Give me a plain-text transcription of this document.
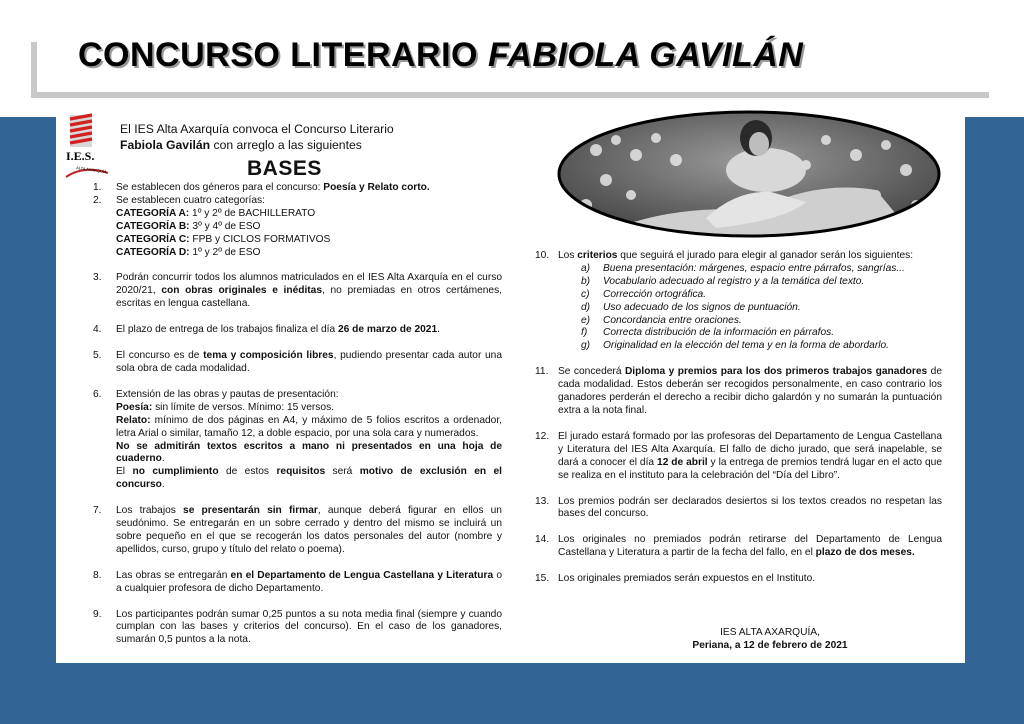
CONCURSO LITERARIO FABIOLA GAVILÁN
I.E.S.
ALTA AXARQUÍA
El IES Alta Axarquía convoca el Concurso Literario
Fabiola Gavilán con arreglo a las siguientes
BASES
1. Se establecen dos géneros para el concurso: Poesía y Relato corto.
2. Se establecen cuatro categorías:
CATEGORÍA A: 1º y 2º de BACHILLERATO
CATEGORÍA B: 3º y 4º de ESO
CATEGORÍA C: FPB y CICLOS FORMATIVOS
CATEGORÍA D: 1º y 2º de ESO
3. Podrán concurrir todos los alumnos matriculados en el IES Alta Axarquía en el curso 2020/21, con obras originales e inéditas, no premiadas en otros certámenes, escritas en lengua castellana.
4. El plazo de entrega de los trabajos finaliza el día 26 de marzo de 2021.
5. El concurso es de tema y composición libres, pudiendo presentar cada autor una sola obra de cada modalidad.
6. Extensión de las obras y pautas de presentación:
Poesía: sin límite de versos. Mínimo: 15 versos.
Relato: mínimo de dos páginas en A4, y máximo de 5 folios escritos a ordenador, letra Arial o similar, tamaño 12, a doble espacio, por una sola cara y numerados.
No se admitirán textos escritos a mano ni presentados en una hoja de cuaderno.
El no cumplimiento de estos requisitos será motivo de exclusión en el concurso.
7. Los trabajos se presentarán sin firmar, aunque deberá figurar en ellos un seudónimo. Se entregarán en un sobre cerrado y dentro del mismo se incluirá un sobre pequeño en el que se recogerán los datos personales del autor (nombre y apellidos, curso, grupo y título del relato o poema).
8. Las obras se entregarán en el Departamento de Lengua Castellana y Literatura o a cualquier profesora de dicho Departamento.
9. Los participantes podrán sumar 0,25 puntos a su nota media final (siempre y cuando cumplan con las bases y criterios del concurso). En el caso de los ganadores, sumarán 0,5 puntos a la nota.
10. Los criterios que seguirá el jurado para elegir al ganador serán los siguientes:
a) Buena presentación: márgenes, espacio entre párrafos, sangrías...
b) Vocabulario adecuado al registro y a la temática del texto.
c) Corrección ortográfica.
d) Uso adecuado de los signos de puntuación.
e) Concordancia entre oraciones.
f) Correcta distribución de la información en párrafos.
g) Originalidad en la elección del tema y en la forma de abordarlo.
11. Se concederá Diploma y premios para los dos primeros trabajos ganadores de cada modalidad. Estos deberán ser recogidos personalmente, en caso contrario los ganadores perderán el derecho a recibir dicho galardón y no sumarán la puntuación extra a la nota final.
12. El jurado estará formado por las profesoras del Departamento de Lengua Castellana y Literatura del IES Alta Axarquía. El fallo de dicho jurado, que será inapelable, se dará a conocer el día 12 de abril y la entrega de premios tendrá lugar en el acto que se realiza en el instituto para la celebración del “Día del Libro”.
13. Los premios podrán ser declarados desiertos si los textos creados no respetan las bases del concurso.
14. Los originales no premiados podrán retirarse del Departamento de Lengua Castellana y Literatura a partir de la fecha del fallo, en el plazo de dos meses.
15. Los originales premiados serán expuestos en el Instituto.
IES ALTA AXARQUÍA,
Periana, a 12 de febrero de 2021
